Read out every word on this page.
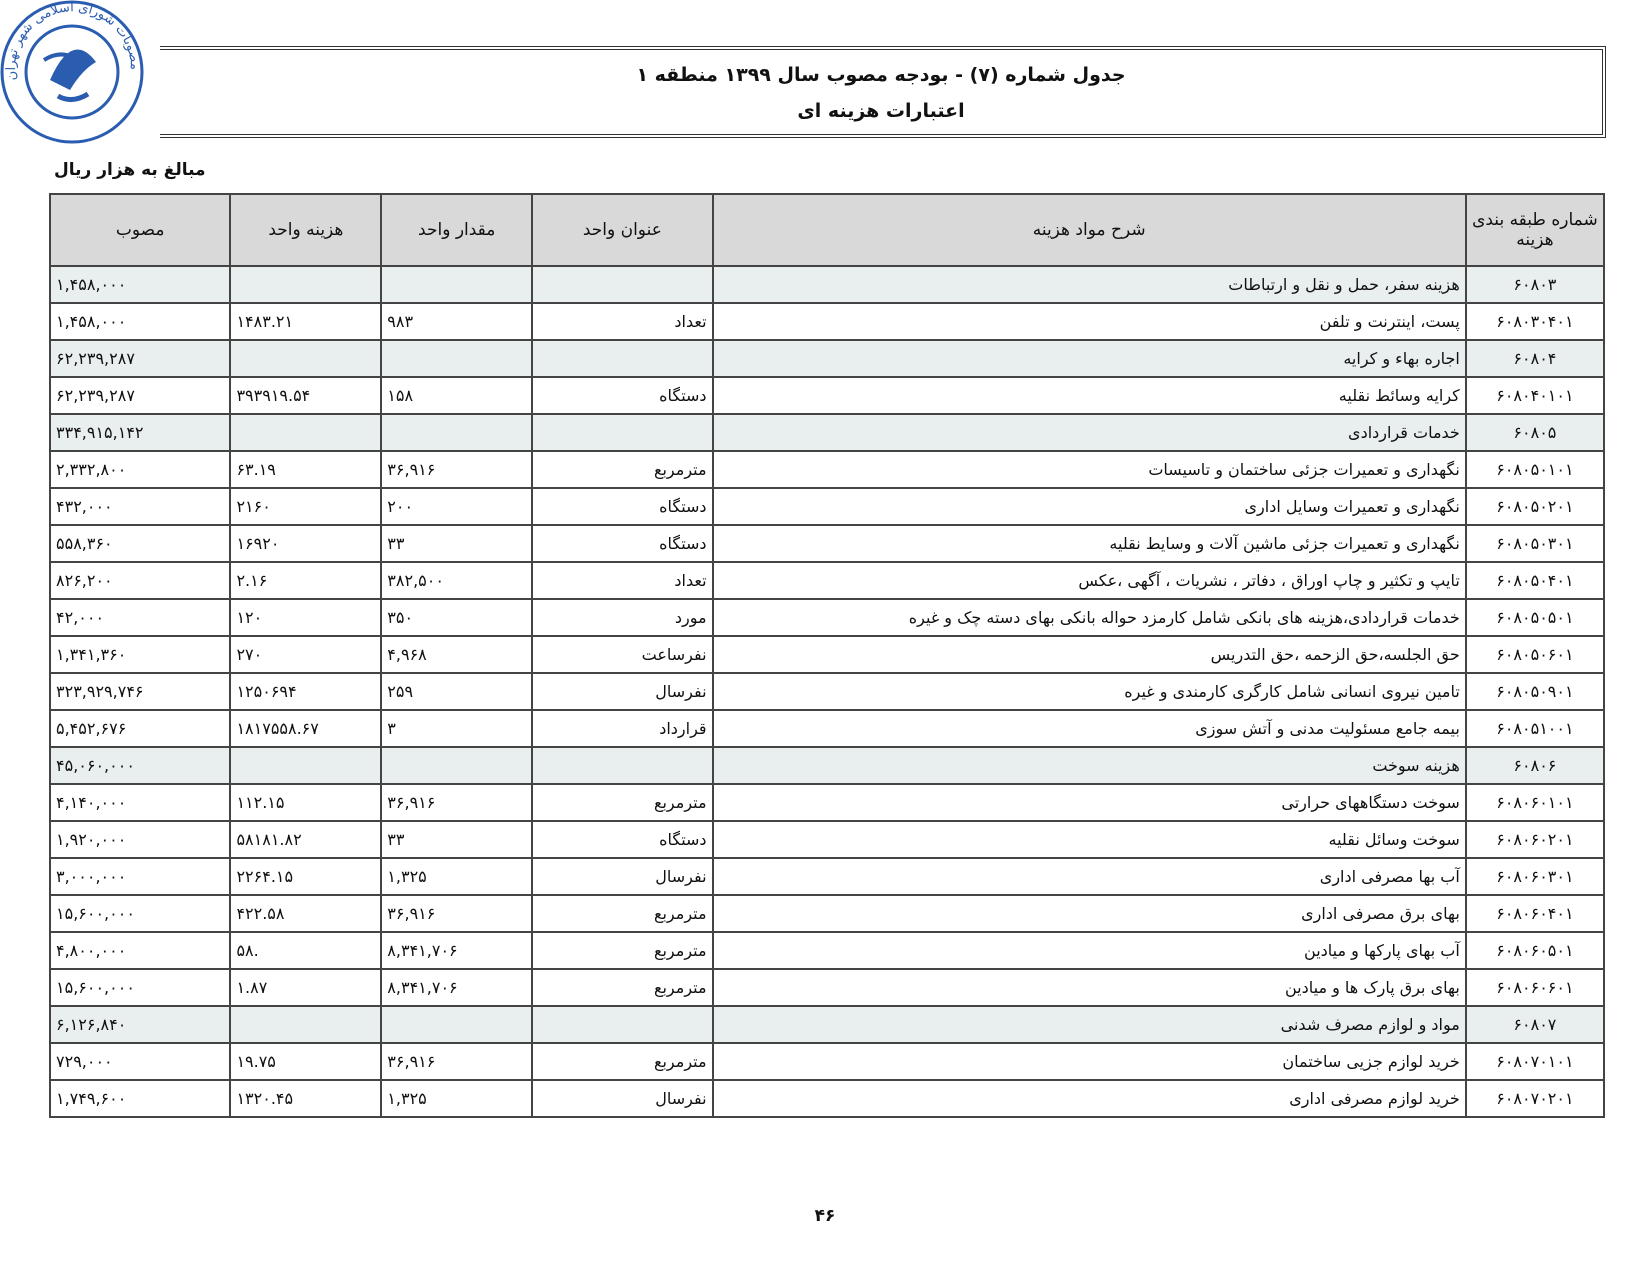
مصوبات شورای اسلامی شهر تهران	جدول شماره (۷) - بودجه مصوب سال ۱۳۹۹ منطقه ۱
اعتبارات هزینه ای
مبالغ به هزار ریال
شماره طبقه بندی هزینه	شرح مواد هزینه	عنوان واحد	مقدار واحد	هزینه واحد	مصوب
۶۰۸۰۳	هزینه سفر، حمل و نقل و ارتباطات				۱,۴۵۸,۰۰۰
۶۰۸۰۳۰۴۰۱	پست، اینترنت و تلفن	تعداد	۹۸۳	۱۴۸۳.۲۱	۱,۴۵۸,۰۰۰
۶۰۸۰۴	اجاره بهاء و کرایه				۶۲,۲۳۹,۲۸۷
۶۰۸۰۴۰۱۰۱	کرایه وسائط نقلیه	دستگاه	۱۵۸	۳۹۳۹۱۹.۵۴	۶۲,۲۳۹,۲۸۷
۶۰۸۰۵	خدمات قراردادی				۳۳۴,۹۱۵,۱۴۲
۶۰۸۰۵۰۱۰۱	نگهداری و تعمیرات جزئی ساختمان و تاسیسات	مترمربع	۳۶,۹۱۶	۶۳.۱۹	۲,۳۳۲,۸۰۰
۶۰۸۰۵۰۲۰۱	نگهداری و تعمیرات وسایل اداری	دستگاه	۲۰۰	۲۱۶۰	۴۳۲,۰۰۰
۶۰۸۰۵۰۳۰۱	نگهداری و تعمیرات جزئی ماشین آلات و وسایط نقلیه	دستگاه	۳۳	۱۶۹۲۰	۵۵۸,۳۶۰
۶۰۸۰۵۰۴۰۱	تایپ و تکثیر و چاپ اوراق ، دفاتر ، نشریات ، آگهی ،عکس	تعداد	۳۸۲,۵۰۰	۲.۱۶	۸۲۶,۲۰۰
۶۰۸۰۵۰۵۰۱	خدمات قراردادی،هزینه های بانکی شامل کارمزد حواله بانکی بهای دسته چک و غیره	مورد	۳۵۰	۱۲۰	۴۲,۰۰۰
۶۰۸۰۵۰۶۰۱	حق الجلسه،حق الزحمه ،حق التدریس	نفرساعت	۴,۹۶۸	۲۷۰	۱,۳۴۱,۳۶۰
۶۰۸۰۵۰۹۰۱	تامین نیروی انسانی شامل کارگری کارمندی و غیره	نفرسال	۲۵۹	۱۲۵۰۶۹۴	۳۲۳,۹۲۹,۷۴۶
۶۰۸۰۵۱۰۰۱	بیمه جامع مسئولیت مدنی و آتش سوزی	قرارداد	۳	۱۸۱۷۵۵۸.۶۷	۵,۴۵۲,۶۷۶
۶۰۸۰۶	هزینه سوخت				۴۵,۰۶۰,۰۰۰
۶۰۸۰۶۰۱۰۱	سوخت دستگاههای حرارتی	مترمربع	۳۶,۹۱۶	۱۱۲.۱۵	۴,۱۴۰,۰۰۰
۶۰۸۰۶۰۲۰۱	سوخت وسائل نقلیه	دستگاه	۳۳	۵۸۱۸۱.۸۲	۱,۹۲۰,۰۰۰
۶۰۸۰۶۰۳۰۱	آب بها مصرفی اداری	نفرسال	۱,۳۲۵	۲۲۶۴.۱۵	۳,۰۰۰,۰۰۰
۶۰۸۰۶۰۴۰۱	بهای برق مصرفی اداری	مترمربع	۳۶,۹۱۶	۴۲۲.۵۸	۱۵,۶۰۰,۰۰۰
۶۰۸۰۶۰۵۰۱	آب بهای پارکها و میادین	مترمربع	۸,۳۴۱,۷۰۶	.۵۸	۴,۸۰۰,۰۰۰
۶۰۸۰۶۰۶۰۱	بهای برق پارک ها و میادین	مترمربع	۸,۳۴۱,۷۰۶	۱.۸۷	۱۵,۶۰۰,۰۰۰
۶۰۸۰۷	مواد و لوازم مصرف شدنی				۶,۱۲۶,۸۴۰
۶۰۸۰۷۰۱۰۱	خرید لوازم جزیی ساختمان	مترمربع	۳۶,۹۱۶	۱۹.۷۵	۷۲۹,۰۰۰
۶۰۸۰۷۰۲۰۱	خرید لوازم مصرفی اداری	نفرسال	۱,۳۲۵	۱۳۲۰.۴۵	۱,۷۴۹,۶۰۰
۴۶
